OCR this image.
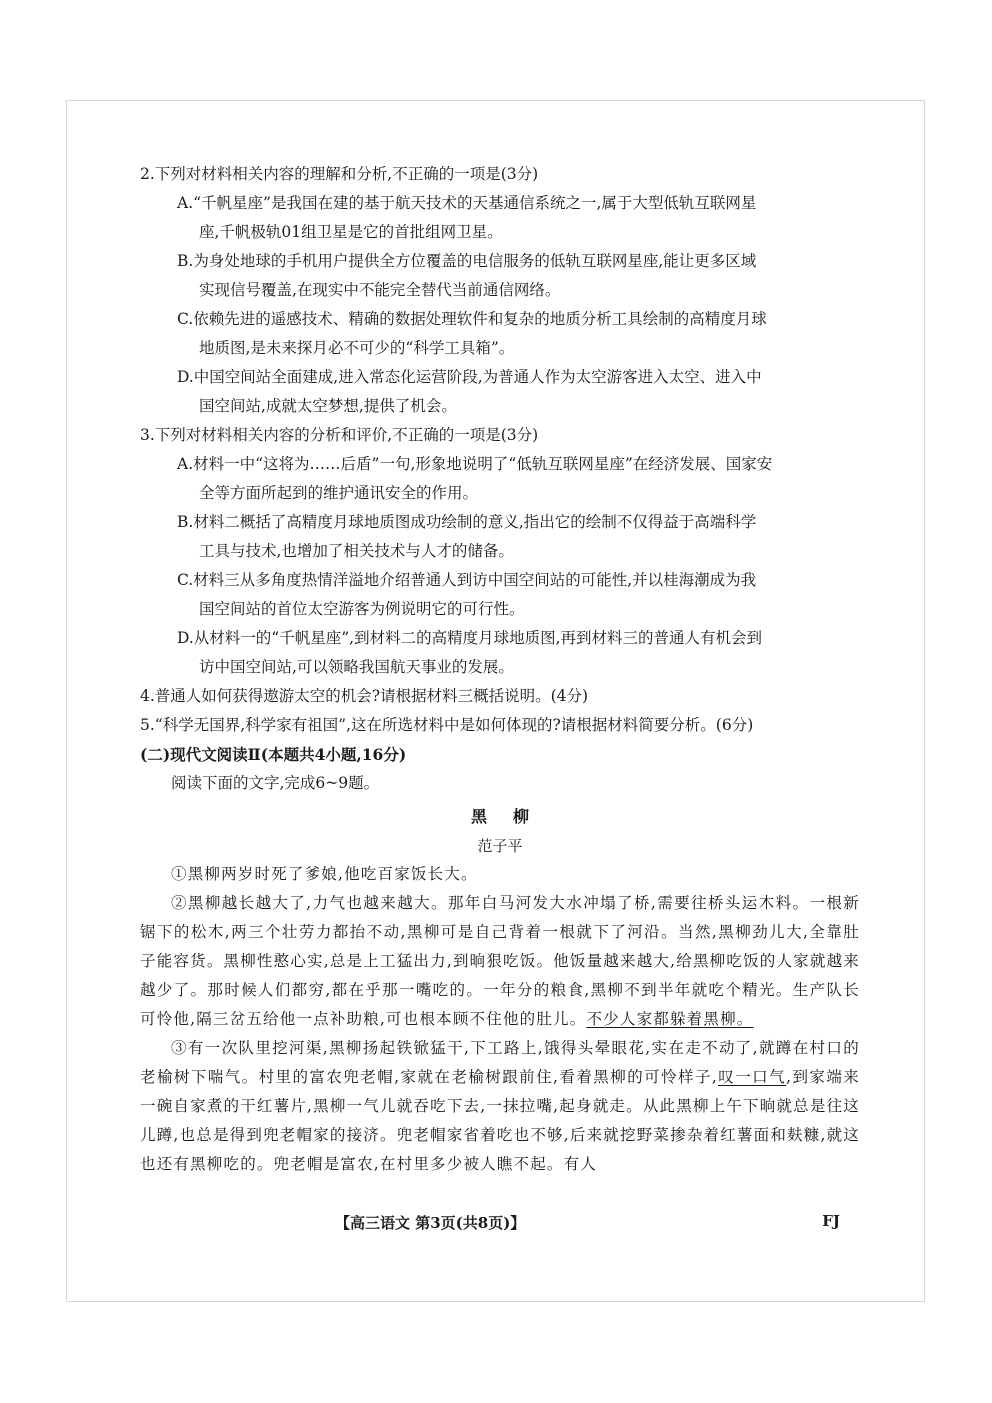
2.下列对材料相关内容的理解和分析,不正确的一项是(3分)

A.“千帆星座”是我国在建的基于航天技术的天基通信系统之一,属于大型低轨互联网星
座,千帆极轨01组卫星是它的首批组网卫星。

B.为身处地球的手机用户提供全方位覆盖的电信服务的低轨互联网星座,能让更多区域
实现信号覆盖,在现实中不能完全替代当前通信网络。

C.依赖先进的遥感技术、精确的数据处理软件和复杂的地质分析工具绘制的高精度月球
地质图,是未来探月必不可少的“科学工具箱”。

D.中国空间站全面建成,进入常态化运营阶段,为普通人作为太空游客进入太空、进入中
国空间站,成就太空梦想,提供了机会。

3.下列对材料相关内容的分析和评价,不正确的一项是(3分)

A.材料一中“这将为……后盾”一句,形象地说明了“低轨互联网星座”在经济发展、国家安
全等方面所起到的维护通讯安全的作用。

B.材料二概括了高精度月球地质图成功绘制的意义,指出它的绘制不仅得益于高端科学
工具与技术,也增加了相关技术与人才的储备。

C.材料三从多角度热情洋溢地介绍普通人到访中国空间站的可能性,并以桂海潮成为我
国空间站的首位太空游客为例说明它的可行性。

D.从材料一的“千帆星座”,到材料二的高精度月球地质图,再到材料三的普通人有机会到
访中国空间站,可以领略我国航天事业的发展。

4.普通人如何获得遨游太空的机会?请根据材料三概括说明。(4分)

5.“科学无国界,科学家有祖国”,这在所选材料中是如何体现的?请根据材料简要分析。(6分)

(二)现代文阅读Ⅱ(本题共4小题,16分)

阅读下面的文字,完成6~9题。

黑柳

范子平

①黑柳两岁时死了爹娘,他吃百家饭长大。

②黑柳越长越大了,力气也越来越大。那年白马河发大水冲塌了桥,需要往桥头运木料。一根新锯下的松木,两三个壮劳力都抬不动,黑柳可是自己背着一根就下了河沿。当然,黑柳劲儿大,全靠肚子能容货。黑柳性憨心实,总是上工猛出力,到晌狠吃饭。他饭量越来越大,给黑柳吃饭的人家就越来越少了。那时候人们都穷,都在乎那一嘴吃的。一年分的粮食,黑柳不到半年就吃个精光。生产队长可怜他,隔三岔五给他一点补助粮,可也根本顾不住他的肚儿。不少人家都躲着黑柳。

③有一次队里挖河渠,黑柳扬起铁锨猛干,下工路上,饿得头晕眼花,实在走不动了,就蹲在村口的老榆树下喘气。村里的富农兜老帽,家就在老榆树跟前住,看着黑柳的可怜样子,叹一口气,到家端来一碗自家煮的干红薯片,黑柳一气儿就吞吃下去,一抹拉嘴,起身就走。从此黑柳上午下晌就总是往这儿蹲,也总是得到兜老帽家的接济。兜老帽家省着吃也不够,后来就挖野菜掺杂着红薯面和麸糠,就这也还有黑柳吃的。兜老帽是富农,在村里多少被人瞧不起。有人

【高三语文 第3页(共8页)】	FJ
